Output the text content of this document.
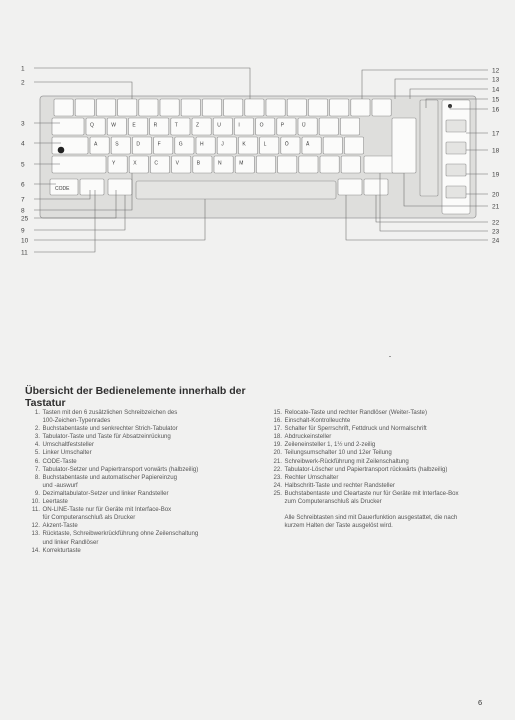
Q	W	E	R	T	Z	U	I	O	P	Ü
A	S	D	F	G	H	J	K	L	Ö	Ä
Y	X	C	V	B	N	M
CODE
1
2
3
4
5
6
7
8
25
9
10
11
12
13
14
15
16
17
18
19
20
21
22
23
24
Übersicht der Bedienelemente innerhalb der Tastatur
1. Tasten mit den 6 zusätzlichen Schreibzeichen des
100-Zeichen-Typenrades
2. Buchstabentaste und senkrechter Strich-Tabulator
3. Tabulator-Taste und Taste für Absatzeinrückung
4. Umschaltfeststeller
5. Linker Umschalter
6. CODE-Taste
7. Tabulator-Setzer und Papiertransport vorwärts (halbzeilig)
8. Buchstabentaste und automatischer Papiereinzug
und -auswurf
9. Dezimaltabulator-Setzer und linker Randsteller
10. Leertaste
11. ON-LINE-Taste nur für Geräte mit Interface-Box
für Computeranschluß als Drucker
12. Akzent-Taste
13. Rücktaste, Schreibwerkrückführung ohne Zeilenschaltung
und linker Randlöser
14. Korrekturtaste
15. Relocate-Taste und rechter Randlöser (Weiter-Taste)
16. Einschalt-Kontrolleuchte
17. Schalter für Sperrschrift, Fettdruck und Normalschrift
18. Abdruckeinsteller
19. Zeileneinsteller 1, 1½ und 2-zeilig
20. Teilungsumschalter 10 und 12er Teilung
21. Schreibwerk-Rückführung mit Zeilenschaltung
22. Tabulator-Löscher und Papiertransport rückwärts (halbzeilig)
23. Rechter Umschalter
24. Halbschritt-Taste und rechter Randsteller
25. Buchstabentaste und Cleartaste nur für Geräte mit Interface-Box
zum Computeranschluß als Drucker
Alle Schreibtasten sind mit Dauerfunktion ausgestattet, die nach
kurzem Halten der Taste ausgelöst wird.
6
